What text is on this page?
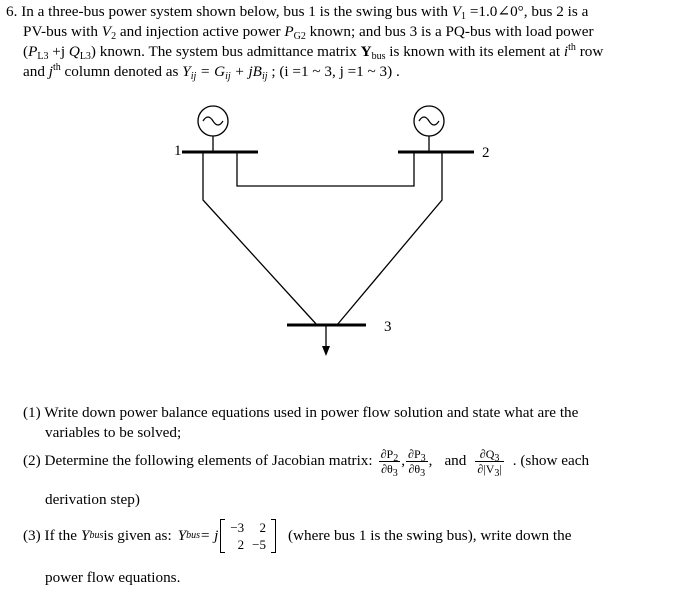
6. In a three-bus power system shown below, bus 1 is the swing bus with $V_1$ =1.0∠0°, bus 2 is a
PV-bus with $V_2$ and injection active power $P_{G2}$ known; and bus 3 is a PQ-bus with load power
($P_{L3} +j$ $Q_{L3}$) known. The system bus admittance matrix $Y_{bus}$ is known with its element at $i^{th}$ row
and $j^{th}$ column denoted as $Y_{ij} = G_{ij} + jB_{ij}$ ; (i =1 ~ 3, j =1 ~ 3) .
1	2
3
(1) Write down power balance equations used in power flow solution and state what are the
variables to be solved;
(2) Determine the following elements of Jacobian matrix: $\frac{\partial P_2}{\partial\theta_3}$ , $\frac{\partial P_3}{\partial\theta_3}$ , and $\frac{\partial Q_3}{\partial|V_3|}$ . (show each
derivation step)
(3) If the Y bus is given as: Y bus = j −3	2
2	−5
(where bus 1 is the swing bus), write down the
power flow equations.
